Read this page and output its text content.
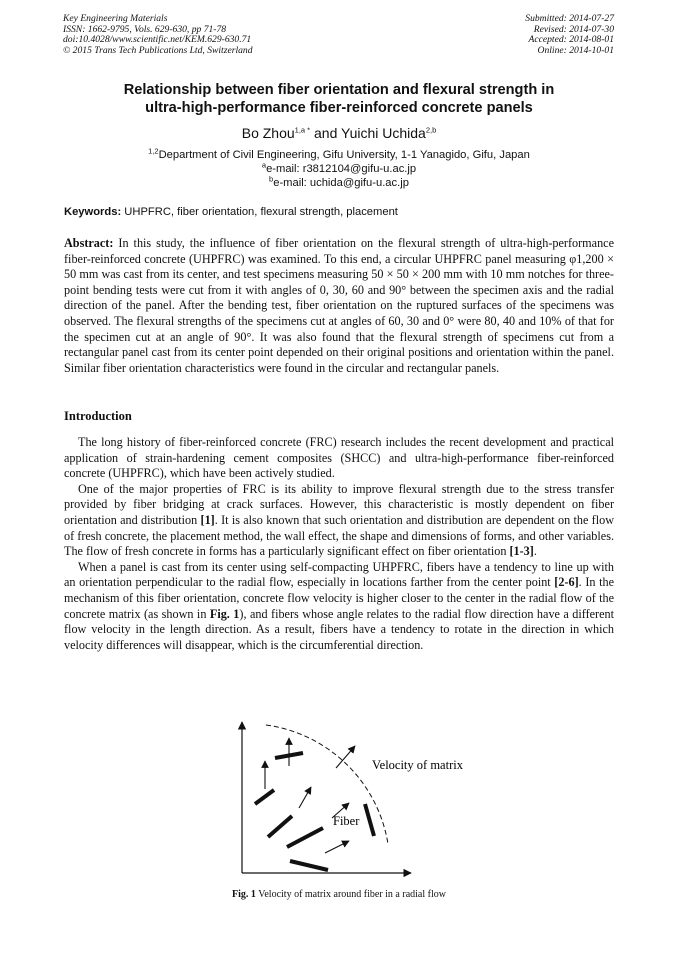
Key Engineering Materials
ISSN: 1662-9795, Vols. 629-630, pp 71-78
doi:10.4028/www.scientific.net/KEM.629-630.71
© 2015 Trans Tech Publications Ltd, Switzerland
Submitted: 2014-07-27
Revised: 2014-07-30
Accepted: 2014-08-01
Online: 2014-10-01
Relationship between fiber orientation and flexural strength in
ultra-high-performance fiber-reinforced concrete panels
Bo Zhou$^{1,a *}$ and Yuichi Uchida$^{2,b}$
$^{1,2}$Department of Civil Engineering, Gifu University, 1-1 Yanagido, Gifu, Japan
$^a$e-mail: r3812104@gifu-u.ac.jp
$^b$e-mail: uchida@gifu-u.ac.jp
Keywords: UHPFRC, fiber orientation, flexural strength, placement

Abstract: In this study, the influence of fiber orientation on the flexural strength of ultra-high-performance fiber-reinforced concrete (UHPFRC) was examined. To this end, a circular UHPFRC panel measuring φ1,200 × 50 mm was cast from its center, and test specimens measuring 50 × 50 × 200 mm with 10 mm notches for three-point bending tests were cut from it with angles of 0, 30, 60 and 90° between the specimen axis and the radial direction of the panel. After the bending test, fiber orientation on the ruptured surfaces of the specimens was observed. The flexural strengths of the specimens cut at angles of 60, 30 and 0° were 80, 40 and 10% of that for the specimen cut at an angle of 90°. It was also found that the flexural strength of specimens cut from a rectangular panel cast from its center point depended on their original positions and orientation within the panel. Similar fiber orientation characteristics were found in the circular and rectangular panels.

Introduction

The long history of fiber-reinforced concrete (FRC) research includes the recent development and practical application of strain-hardening cement composites (SHCC) and ultra-high-performance fiber-reinforced concrete (UHPFRC), which have been actively studied.

One of the major properties of FRC is its ability to improve flexural strength due to the stress transfer provided by fiber bridging at crack surfaces. However, this characteristic is mostly dependent on fiber orientation and distribution [1]. It is also known that such orientation and distribution are dependent on the flow of fresh concrete, the placement method, the wall effect, the shape and dimensions of forms, and other variables. The flow of fresh concrete in forms has a particularly significant effect on fiber orientation [1-3].

When a panel is cast from its center using self-compacting UHPFRC, fibers have a tendency to line up with an orientation perpendicular to the radial flow, especially in locations farther from the center point [2-6]. In the mechanism of this fiber orientation, concrete flow velocity is higher closer to the center in the radial flow of the concrete matrix (as shown in Fig. 1), and fibers whose angle relates to the radial flow direction have a different flow velocity in the length direction. As a result, fibers have a tendency to rotate in the direction in which velocity differences will disappear, which is the circumferential direction.

Velocity of matrix
Fiber
Fig. 1 Velocity of matrix around fiber in a radial flow
